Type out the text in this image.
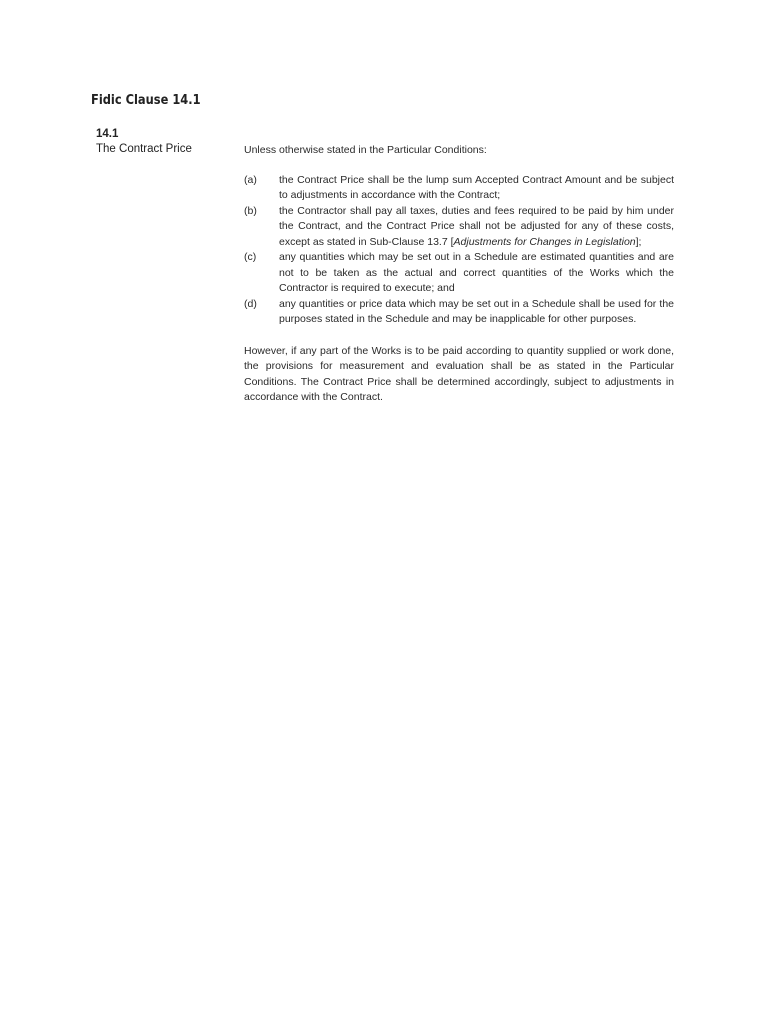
Fidic Clause 14.1
14.1
The Contract Price	Unless otherwise stated in the Particular Conditions:

(a)	the Contract Price shall be the lump sum Accepted Contract Amount and be subject to adjustments in accordance with the Contract;
(b)	the Contractor shall pay all taxes, duties and fees required to be paid by him under the Contract, and the Contract Price shall not be adjusted for any of these costs, except as stated in Sub-Clause 13.7 [Adjustments for Changes in Legislation];
(c)	any quantities which may be set out in a Schedule are estimated quantities and are not to be taken as the actual and correct quantities of the Works which the Contractor is required to execute; and
(d)	any quantities or price data which may be set out in a Schedule shall be used for the purposes stated in the Schedule and may be inapplicable for other purposes.

However, if any part of the Works is to be paid according to quantity supplied or work done, the provisions for measurement and evaluation shall be as stated in the Particular Conditions. The Contract Price shall be determined accordingly, subject to adjustments in accordance with the Contract.
